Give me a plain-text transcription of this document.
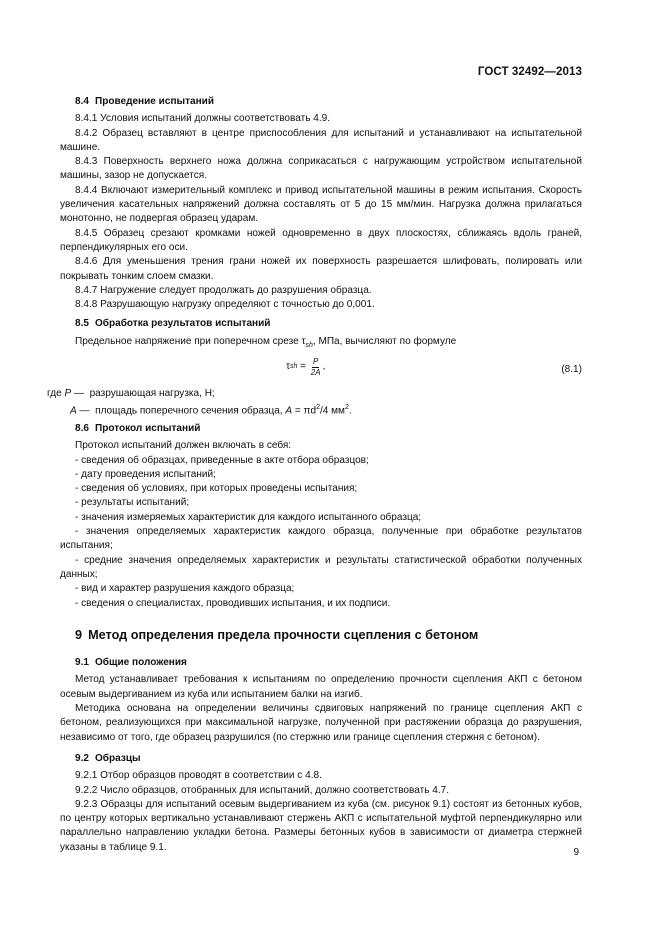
ГОСТ 32492—2013

8.4 Проведение испытаний

8.4.1 Условия испытаний должны соответствовать 4.9.

8.4.2 Образец вставляют в центре приспособления для испытаний и устанавливают на испытательной машине.

8.4.3 Поверхность верхнего ножа должна соприкасаться с нагружающим устройством испытательной машины, зазор не допускается.

8.4.4 Включают измерительный комплекс и привод испытательной машины в режим испытания. Скорость увеличения касательных напряжений должна составлять от 5 до 15 мм/мин. Нагрузка должна прилагаться монотонно, не подвергая образец ударам.

8.4.5 Образец срезают кромками ножей одновременно в двух плоскостях, сближаясь вдоль граней, перпендикулярных его оси.

8.4.6 Для уменьшения трения грани ножей их поверхность разрешается шлифовать, полировать или покрывать тонким слоем смазки.

8.4.7 Нагружение следует продолжать до разрушения образца.

8.4.8 Разрушающую нагрузку определяют с точностью до 0,001.

8.5 Обработка результатов испытаний

Предельное напряжение при поперечном срезе $\tau_{sh}$, МПа, вычисляют по формуле

τ sh = $\frac{P}{2A}$ ,	(8.1)

где P —  разрушающая нагрузка, Н;

A —  площадь поперечного сечения образца, $A = \pi d^2/4$ $мм^2$.

8.6 Протокол испытаний

Протокол испытаний должен включать в себя:

- сведения об образцах, приведенные в акте отбора образцов;

- дату проведения испытаний;

- сведения об условиях, при которых проведены испытания;

- результаты испытаний;

- значения измеряемых характеристик для каждого испытанного образца;

- значения определяемых характеристик каждого образца, полученные при обработке результатов испытания;

- средние значения определяемых характеристик и результаты статистической обработки полученных данных;

- вид и характер разрушения каждого образца;

- сведения о специалистах, проводивших испытания, и их подписи.

9 Метод определения предела прочности сцепления с бетоном

9.1 Общие положения

Метод устанавливает требования к испытаниям по определению прочности сцепления АКП с бетоном осевым выдергиванием из куба или испытанием балки на изгиб.

Методика основана на определении величины сдвиговых напряжений по границе сцепления АКП с бетоном, реализующихся при максимальной нагрузке, полученной при растяжении образца до разрушения, независимо от того, где образец разрушился (по стержню или границе сцепления стержня с бетоном).

9.2 Образцы

9.2.1 Отбор образцов проводят в соответствии с 4.8.

9.2.2 Число образцов, отобранных для испытаний, должно соответствовать 4.7.

9.2.3 Образцы для испытаний осевым выдергиванием из куба (см. рисунок 9.1) состоят из бетонных кубов, по центру которых вертикально устанавливают стержень АКП с испытательной муфтой перпендикулярно или параллельно направлению укладки бетона. Размеры бетонных кубов в зависимости от диаметра стержней указаны в таблице 9.1.	9
